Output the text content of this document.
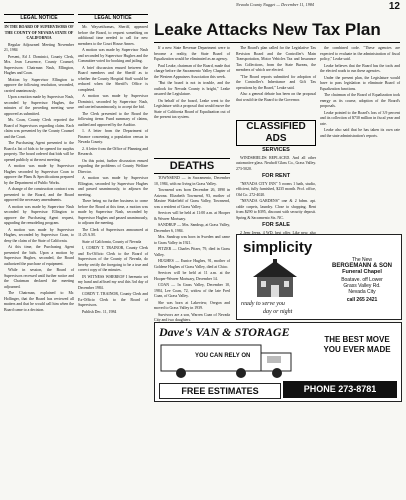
Nevada County Nugget — December 11, 1984	12
LEGAL NOTICE

IN THE BOARD OF SUPERVISORS OF THE COUNTY OF NEVADA STATE OF CALIFORNIA

Regular Adjourned Meeting November 21, 1984

Present, Ed J. Dominici, County Clerk, Mrs. Jean Lawrence, County Counsel; Supervisors: Chairman Nash, Ellington, Hughes and Coan.

Motion by Supervisor Ellington to approve the following resolution, seconded, carried unanimously.

Upon a motion made by Supervisor Nash, seconded by Supervisor Hughes, the minutes of the preceding meeting were approved as submitted.

Ms. Coan, County Clerk reported the Board of Supervisors regarding claim. Each claim was presented by the County Counsel and the Court.

The Purchasing Agent presented to the Board a list of bids to be opened for surplus property. The board ordered that bids will be opened publicly at the next meeting.

A motion was made by Supervisor Hughes seconded by Supervisor Coan to approve the Plans & Specifications prepared by the Department of Public Works.

A change of the construction contract was presented to the Board, and the Board approved the necessary amendments.

A motion was made by Supervisor Nash seconded by Supervisor Ellington to approve the Purchasing Agent request, upgrading the remodeling program.

A motion was made by Supervisor Hughes, seconded by Supervisor Coan, to deny the claim of the State of California.

At this time, the Purchasing Agent presented the bids. Upon a motion by Supervisor Hughes, seconded, the Board authorized the purchase of equipment.

While in session, the Board of Supervisors recessed until further notice and the Chairman declared the meeting adjourned.

The Chairman, explained to Mr. Hollinger, that the Board has reviewed all matters and that he would call him when the Board came to a decision.

LEGAL NOTICE

Mr. Waysetthomas, Sheriff, appeared before the Board, to request something on additional time needed to call for new members to the Court House Annex.

A motion was made by Supervisor Nash and seconded by Supervisor Hughes and the Committee voted for booking and jailing.

A brief discussion ensued between the Board members and the Sheriff as to whether the County Hospital Staff would be reduced when the Sheriff's Office is completed.

A motion was made by Supervisor Dominici, seconded by Supervisor Nash, and carried unanimously, to accept the bid.

The Clerk presented to the Board the following items: Fund summary of claims, audited and approved by the Auditor.

1. A letter from the Department of Finance concerning a population census in Nevada County.

2. A letter from the Office of Planning and Research.

On this point, further discussion ensued regarding the problems of County Welfare Director.

A motion was made by Supervisor Ellington, seconded by Supervisor Hughes and passed unanimously, to adjourn the meeting.

There being no further business to come before the Board at this time, a motion was made by Supervisor Nash, seconded by Supervisor Hughes and passed unanimously, to adjourn the meeting.

The Clerk of Supervisors announced at 11:25 A.M.

State of California, County of Nevada

I, CORDY T. TRAINOR, County Clerk and Ex-Officio Clerk to the Board of Supervisors of the County of Nevada, do hereby certify the foregoing to be a true and correct copy of the minutes.

IN WITNESS WHEREOF I hereunto set my hand and affixed my seal this 3rd day of December 1984.

CORDY T. TRAINOR, County Clerk and Ex-Officio Clerk to the Board of Supervisors.

Publish Dec. 11, 1984

Leake Attacks New Tax Plan

If a new State Revenue Department were to become a reality, the State Board of Equalization would be eliminated as an agency.

Paul Leake, chairman of the Board, made that charge before the Sacramento Valley Chapter of the Western Appraisers Association this week.

"But the board is not in trouble, and the outlook for Nevada County is bright," Leake assured the Legislature.

On behalf of the board, Leake went to the Legislature with a proposal that would move the State of California Board of Equalization out of the present tax system.

The Board's plan called for the Legislative Tax Revision Board and the Controller's Main Transportation, Motor Vehicles Tax and Insurance Tax Collections, from the State Bureau, the members of which are elected.

"The Board reports submitted for adoption of the Controller's Inheritance and Gift Tax operations by the Board," Leake said.

Also a general debate has been on the proposal that would tie the Board to the Governor.

the combined code. "These agencies are expected to evaluate in the administration of fiscal policy," Leake said.

Leake believes that the Board has the tools and the elected roads to run these agencies.

Under the present plan, the Legislature would have to pass legislation to eliminate Board of Equalization functions.

The chairman of the Board of Equalization took energy as its course, adoption of the Board's proposals.

Leake pointed to the Board's loss of 3.9 percent and its collection of $730 million in fiscal year and rate.

Leake also said that he has taken its own rate and the state administration's reports.

DEATHS

TOWNSEND — in Sacramento, December 10, 1984, with no living in Grass Valley.

Townsend was born December 26, 1890 in Arizona. Elizabeth Townsend, 93, mother of Maxine Wakefield of Grass Valley, Townsend, was a resident of Grass Valley.

Services will be held at 11:00 a.m. at Hooper & Weaver Mortuary.

SANDRUP — Mrs. Sandrup, at Grass Valley, December 6, 1984.

Mrs. Sandrup was born in Sweden and came to Grass Valley in 1921.

PITZER — Charles Pitzer, 79, died in Grass Valley.

HUGHES — Eunice Hughes, 91, mother of Goldene Hughes of Grass Valley, died at Chico.

Services will be held at 11 a.m. at the Hooper-Weaver Mortuary, December 14.

COAN — In Grass Valley, December 10, 1984, Lee Coan, 72, widow of the late Fred Coan, of Grass Valley.

She was born at Lakeview, Oregon and moved to Grass Valley in 1939.

Survivors are a son, Warren Coan of Nevada City and two daughters.

CLASSIFIED ADS
SERVICES

WINDSHIELDS REPLACED. And all other automotive glass. Neuhoff Glass Co., Grass Valley. 273-5020.

FOR RENT

"NEVADA CITY INN" 5 rooms 1 bath, studio, efficient, fully furnished, $235 month. Prof. office, Old Co. 272-4020.

"NEVADA GARDENS" one & 2 bdrm. apt. cable carpets, laundry. Close to shopping. Rent from $290 to $395, discount with security deposit. Spring & Sacramento Sts. NC.

FOR SALE

2 Jeep Jeeps, 4 WD, best offer. Like new, also

simplicity
ready to serve you
day or night
The New
BERGEMANN & SON
Funeral Chapel
Boatave. off Lower
Grass Valley Rd.
Nevada City
call 265 2421
Dave's VAN & STORAGE
YOU CAN RELY ON
THE BEST MOVE YOU EVER MADE
FREE ESTIMATES	PHONE 273-8781
